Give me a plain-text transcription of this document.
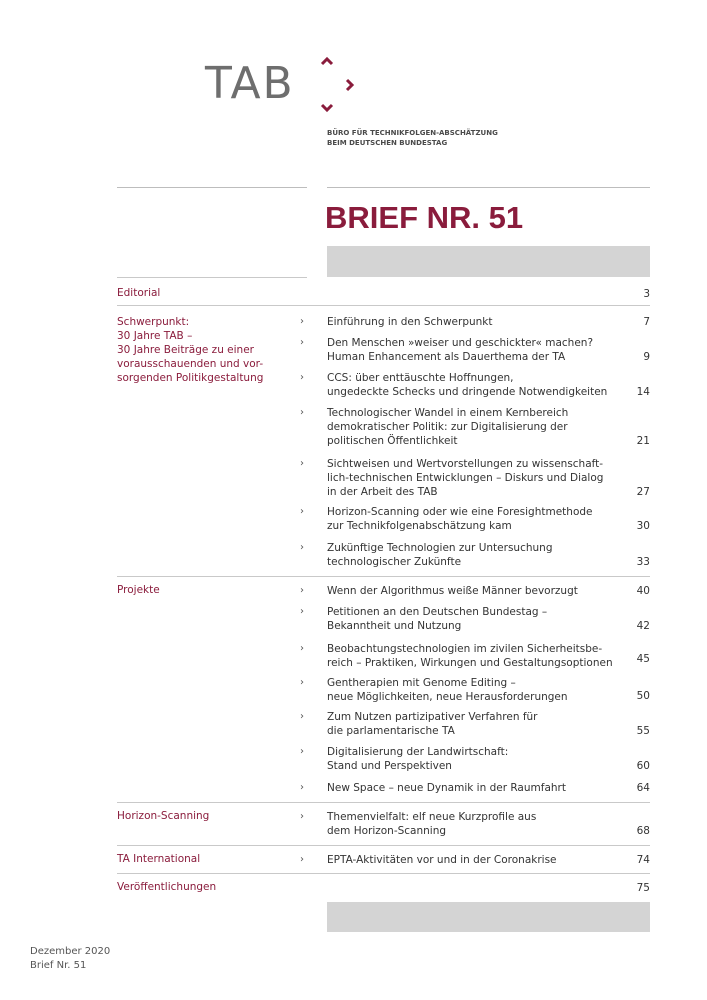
TAB
BÜRO FÜR TECHNIKFOLGEN-ABSCHÄTZUNG
BEIM DEUTSCHEN BUNDESTAG
BRIEF NR. 51
Editorial	3
Schwerpunkt:
30 Jahre TAB –
30 Jahre Beiträge zu einer
vorausschauenden und vor-
sorgenden Politikgestaltung
› Einführung in den Schwerpunkt	7
› Den Menschen »weiser und geschickter« machen?
Human Enhancement als Dauerthema der TA	9
› CCS: über enttäuschte Hoffnungen,
ungedeckte Schecks und dringende Notwendigkeiten	14
› Technologischer Wandel in einem Kernbereich
demokratischer Politik: zur Digitalisierung der
politischen Öffentlichkeit	21
› Sichtweisen und Wertvorstellungen zu wissenschaft-
lich-technischen Entwicklungen – Diskurs und Dialog
in der Arbeit des TAB	27
› Horizon-Scanning oder wie eine Foresightmethode
zur Technikfolgenabschätzung kam	30
› Zukünftige Technologien zur Untersuchung
technologischer Zukünfte	33
Projekte	› Wenn der Algorithmus weiße Männer bevorzugt	40
› Petitionen an den Deutschen Bundestag –
Bekanntheit und Nutzung	42
› Beobachtungstechnologien im zivilen Sicherheitsbe-
reich – Praktiken, Wirkungen und Gestaltungsoptionen	45
› Gentherapien mit Genome Editing –
neue Möglichkeiten, neue Herausforderungen	50
› Zum Nutzen partizipativer Verfahren für
die parlamentarische TA	55
› Digitalisierung der Landwirtschaft:
Stand und Perspektiven	60
› New Space – neue Dynamik in der Raumfahrt	64
Horizon-Scanning	› Themenvielfalt: elf neue Kurzprofile aus
dem Horizon-Scanning	68
TA International	› EPTA-Aktivitäten vor und in der Coronakrise	74
Veröffentlichungen	75
Dezember 2020
Brief Nr. 51
